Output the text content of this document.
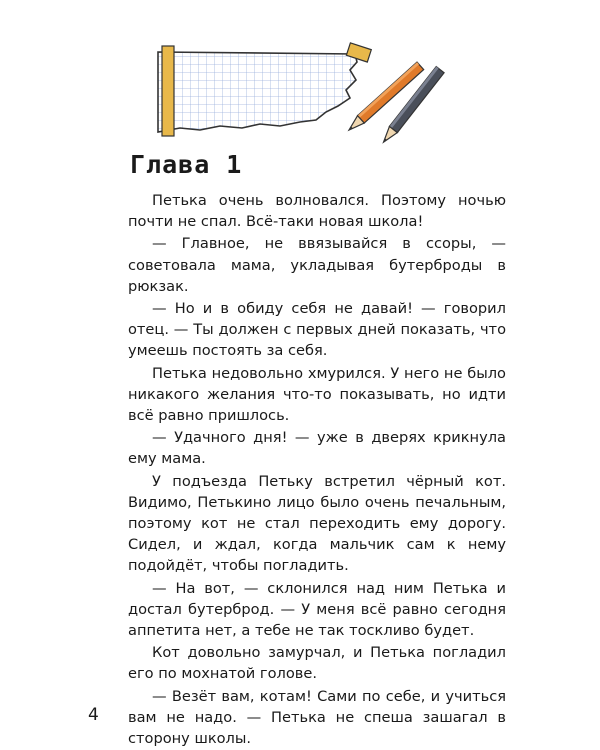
Глава 1

Петька очень волновался. Поэтому ночью почти не спал. Всё-таки новая школа!

— Главное, не ввязывайся в ссоры, — советовала мама, укладывая бутерброды в рюкзак.

— Но и в обиду себя не давай! — говорил отец. — Ты должен с первых дней показать, что умеешь постоять за себя.

Петька недовольно хмурился. У него не было никакого желания что-то показывать, но идти всё равно пришлось.

— Удачного дня! — уже в дверях крикнула ему мама.

У подъезда Петьку встретил чёрный кот. Видимо, Петькино лицо было очень печальным, поэтому кот не стал переходить ему дорогу. Сидел, и ждал, когда мальчик сам к нему подойдёт, чтобы погладить.

— На вот, — склонился над ним Петька и достал бутерброд. — У меня всё равно сегодня аппетита нет, а тебе не так тоскливо будет.

Кот довольно замурчал, и Петька погладил его по мохнатой голове.

— Везёт вам, котам! Сами по себе, и учиться вам не надо. — Петька не спеша зашагал в сторону школы.

4
